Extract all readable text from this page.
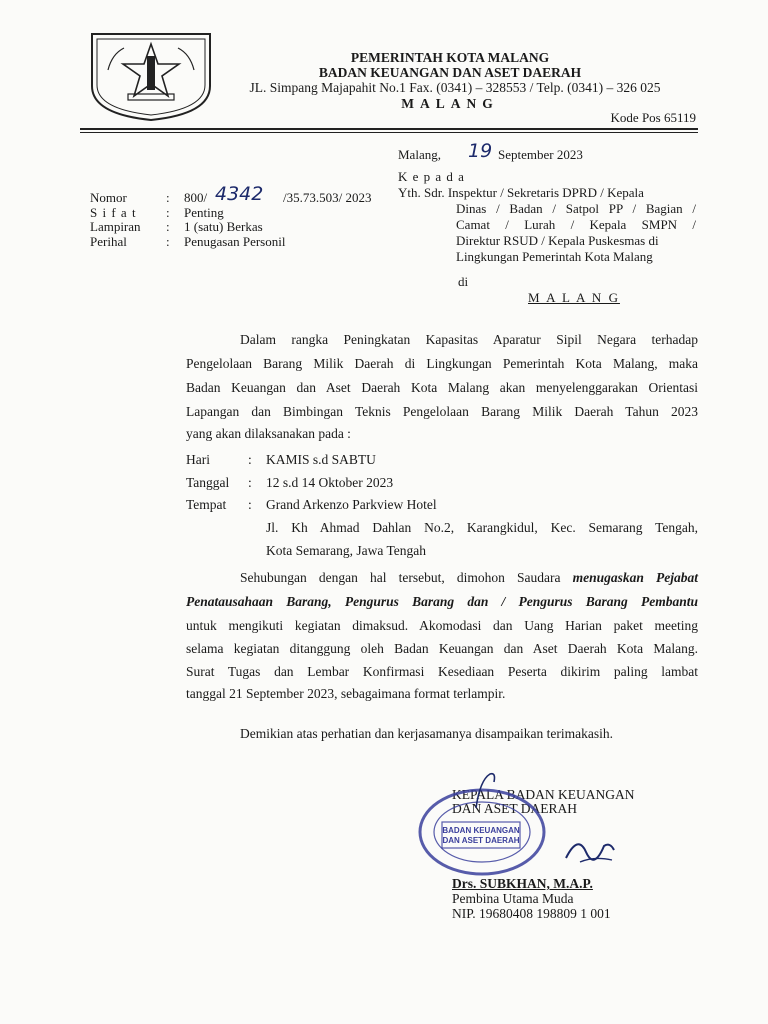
PEMERINTAH KOTA MALANG
BADAN KEUANGAN DAN ASET DAERAH
JL. Simpang Majapahit No.1 Fax. (0341) – 328553 / Telp. (0341) – 326 025
MALANG
Kode Pos 65119
Malang, 19 September 2023
K e p a d a
Yth. Sdr. Inspektur / Sekretaris DPRD / Kepala
Dinas / Badan / Satpol PP / Bagian /
Camat / Lurah / Kepala SMPN /
Direktur RSUD / Kepala Puskesmas di
Lingkungan Pemerintah Kota Malang
di
M A L A N G
Nomor	: 800/ 4342 /35.73.503/ 2023
S i f a t : Penting
Lampiran : 1 (satu) Berkas
Perihal	: Penugasan Personil
Dalam rangka Peningkatan Kapasitas Aparatur Sipil Negara terhadap
Pengelolaan Barang Milik Daerah di Lingkungan Pemerintah Kota Malang, maka
Badan Keuangan dan Aset Daerah Kota Malang akan menyelenggarakan Orientasi
Lapangan dan Bimbingan Teknis Pengelolaan Barang Milik Daerah Tahun 2023
yang akan dilaksanakan pada :
Hari	: KAMIS s.d SABTU
Tanggal : 12 s.d 14 Oktober 2023
Tempat : Grand Arkenzo Parkview Hotel
Jl. Kh Ahmad Dahlan No.2, Karangkidul, Kec. Semarang Tengah,
Kota Semarang, Jawa Tengah
Sehubungan dengan hal tersebut, dimohon Saudara menugaskan Pejabat
Penatausahaan Barang, Pengurus Barang dan / Pengurus Barang Pembantu
untuk mengikuti kegiatan dimaksud. Akomodasi dan Uang Harian paket meeting
selama kegiatan ditanggung oleh Badan Keuangan dan Aset Daerah Kota Malang.
Surat Tugas dan Lembar Konfirmasi Kesediaan Peserta dikirim paling lambat
tanggal 21 September 2023, sebagaimana format terlampir.
Demikian atas perhatian dan kerjasamanya disampaikan terimakasih.
KEPALA BADAN KEUANGAN
DAN ASET DAERAH
BADAN KEUANGAN
DAN ASET DAERAH
Drs. SUBKHAN, M.A.P.
Pembina Utama Muda
NIP. 19680408 198809 1 001
